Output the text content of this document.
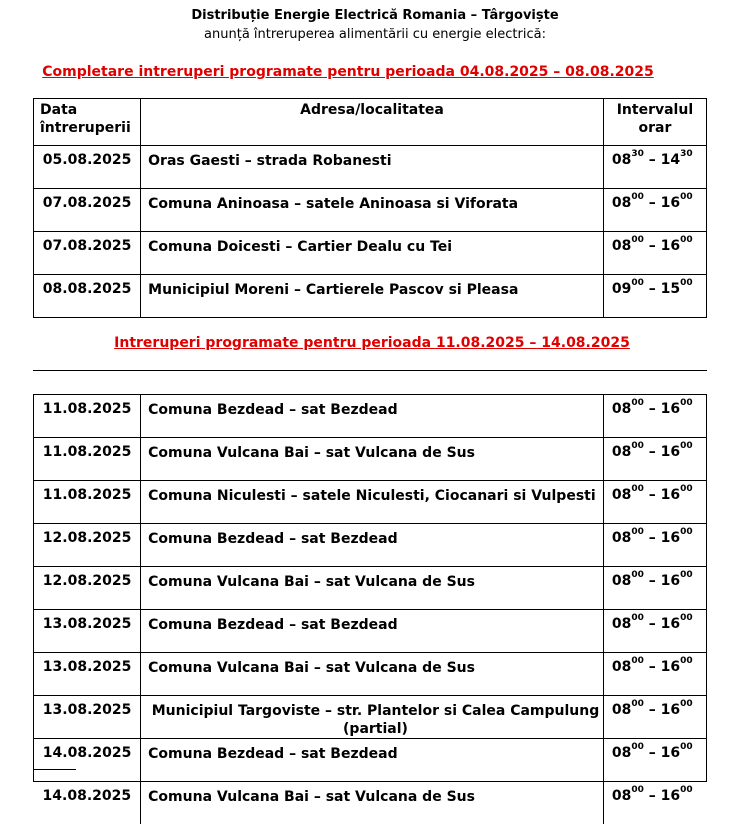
Distribuție Energie Electrică Romania – Târgoviște
anunță întreruperea alimentării cu energie electrică:
Completare intreruperi programate pentru perioada 04.08.2025 – 08.08.2025
Data întreruperii	Adresa/localitatea	Intervalul orar
05.08.2025	Oras Gaesti – strada Robanesti	$08^{30} - 14^{30}$
07.08.2025	Comuna Aninoasa – satele Aninoasa si Viforata	$08^{00} - 16^{00}$
07.08.2025	Comuna Doicesti – Cartier Dealu cu Tei	$08^{00} - 16^{00}$
08.08.2025	Municipiul Moreni – Cartierele Pascov si Pleasa	$09^{00} - 15^{00}$
Intreruperi programate pentru perioada 11.08.2025 – 14.08.2025
11.08.2025	Comuna Bezdead – sat Bezdead	$08^{00} - 16^{00}$
11.08.2025	Comuna Vulcana Bai – sat Vulcana de Sus	$08^{00} - 16^{00}$
11.08.2025	Comuna Niculesti – satele Niculesti, Ciocanari si Vulpesti	$08^{00} - 16^{00}$
12.08.2025	Comuna Bezdead – sat Bezdead	$08^{00} - 16^{00}$
12.08.2025	Comuna Vulcana Bai – sat Vulcana de Sus	$08^{00} - 16^{00}$
13.08.2025	Comuna Bezdead – sat Bezdead	$08^{00} - 16^{00}$
13.08.2025	Comuna Vulcana Bai – sat Vulcana de Sus	$08^{00} - 16^{00}$
13.08.2025	Municipiul Targoviste – str. Plantelor si Calea Campulung (partial)	$08^{00} - 16^{00}$
14.08.2025	Comuna Bezdead – sat Bezdead	$08^{00} - 16^{00}$
14.08.2025	Comuna Vulcana Bai – sat Vulcana de Sus	$08^{00} - 16^{00}$
